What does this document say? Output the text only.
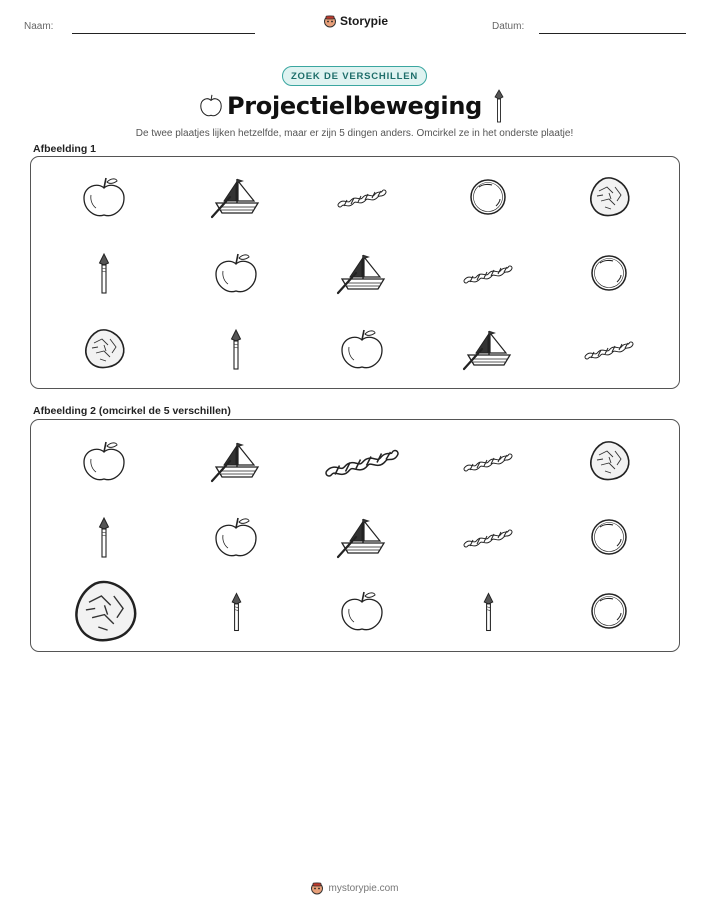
Naam:	Storypie	Datum:
ZOEK DE VERSCHILLEN
Projectielbeweging
De twee plaatjes lijken hetzelfde, maar er zijn 5 dingen anders. Omcirkel ze in het onderste plaatje!
Afbeelding 1
Afbeelding 2 (omcirkel de 5 verschillen)
mystorypie.com
